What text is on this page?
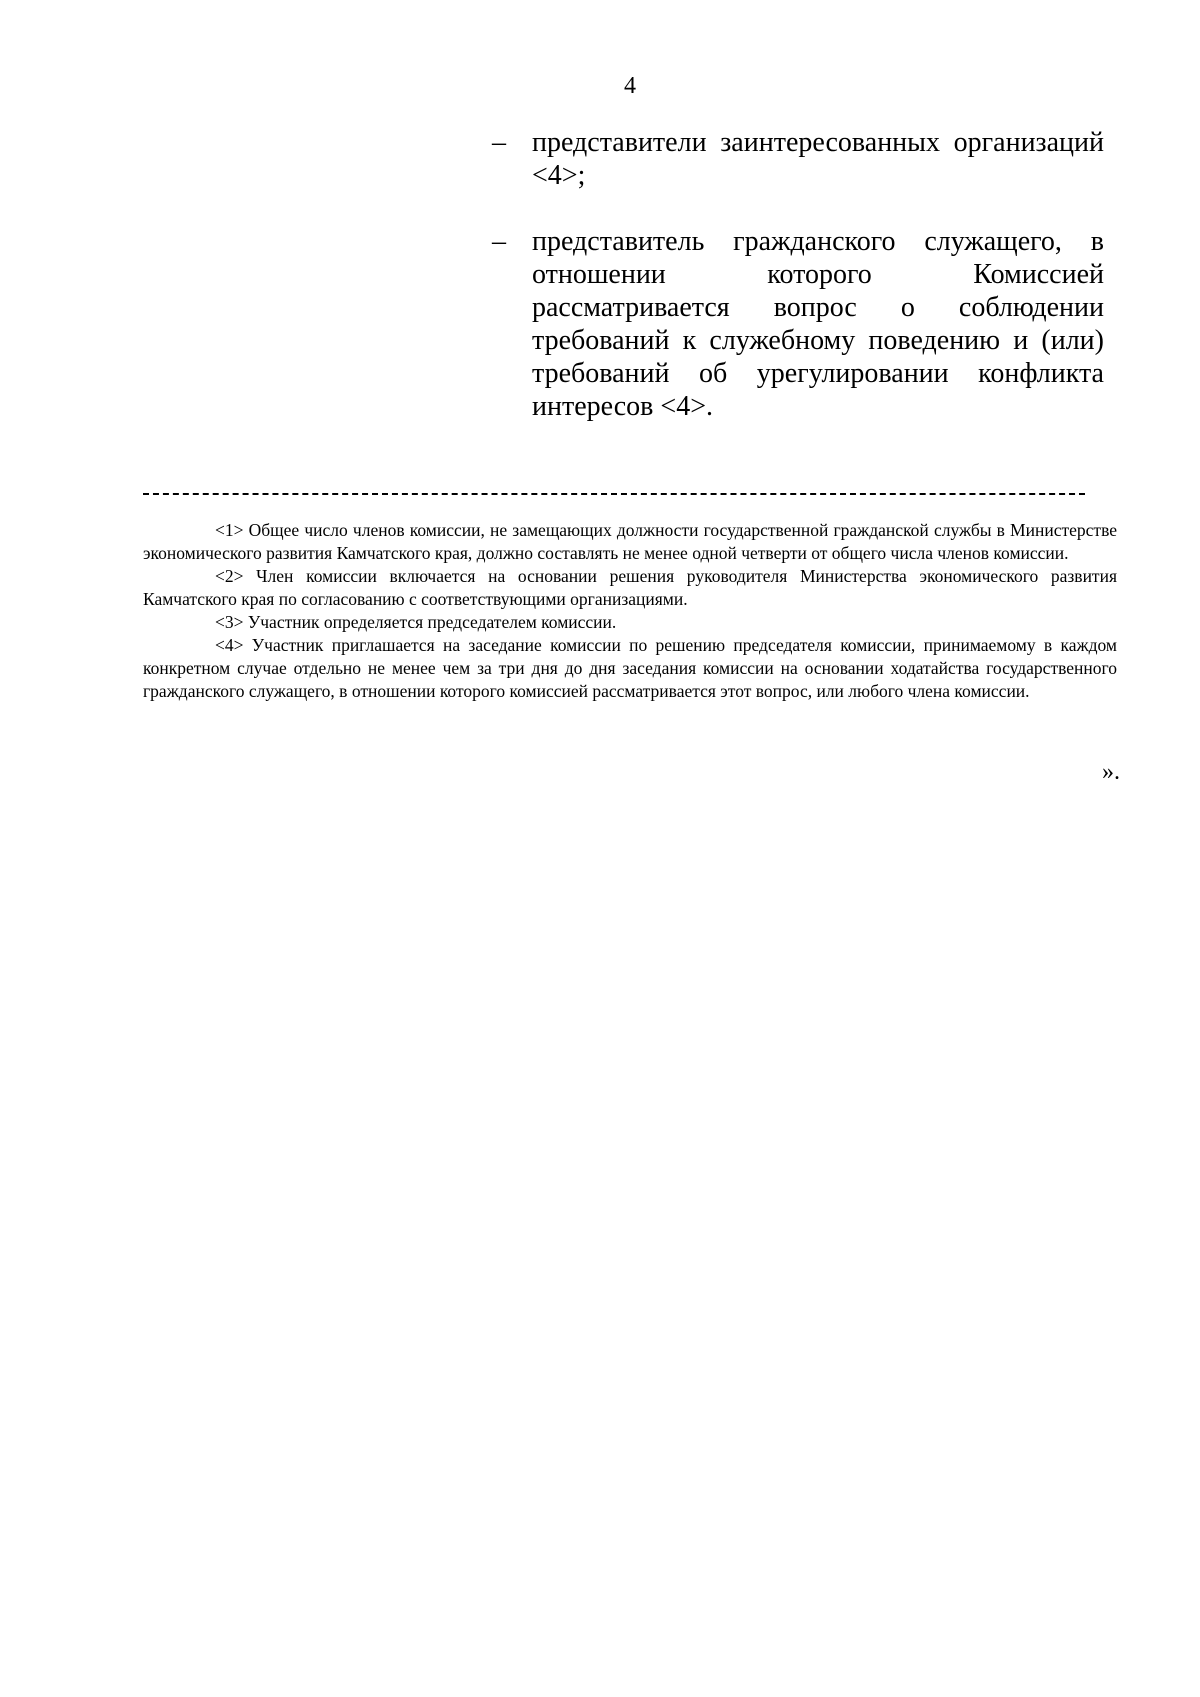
4
– представители заинтересованных организаций <4>;
– представитель гражданского служащего, в отношении которого Комиссией рассматривается вопрос о соблюдении требований к служебному поведению и (или) требований об урегулировании конфликта интересов <4>.

<1> Общее число членов комиссии, не замещающих должности государственной гражданской службы в Министерстве экономического развития Камчатского края, должно составлять не менее одной четверти от общего числа членов комиссии.

<2> Член комиссии включается на основании решения руководителя Министерства экономического развития Камчатского края по согласованию с соответствующими организациями.

<3> Участник определяется председателем комиссии.

<4> Участник приглашается на заседание комиссии по решению председателя комиссии, принимаемому в каждом конкретном случае отдельно не менее чем за три дня до дня заседания комиссии на основании ходатайства государственного гражданского служащего, в отношении которого комиссией рассматривается этот вопрос, или любого члена комиссии.

».
